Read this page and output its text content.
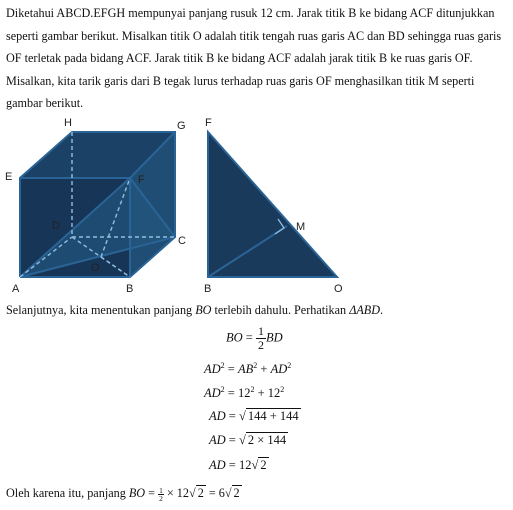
Diketahui ABCD.EFGH mempunyai panjang rusuk 12 cm. Jarak titik B ke bidang ACF ditunjukkan seperti gambar berikut. Misalkan titik O adalah titik tengah ruas garis AC dan BD sehingga ruas garis OF terletak pada bidang ACF. Jarak titik B ke bidang ACF adalah jarak titik B ke ruas garis OF. Misalkan, kita tarik garis dari B tegak lurus terhadap ruas garis OF menghasilkan titik M seperti gambar berikut.

H	G
E	F
D
C
O
A	B
F
M
B	O

Selanjutnya, kita menentukan panjang BO terlebih dahulu. Perhatikan ΔABD.

BO = $\frac{1}{2}$ BD
$AD^2 = AB^2 + AD^2$
$AD^2 = 12^2 + 12^2$
AD = √ 144 + 144
AD = √ 2 × 144
AD = 12√ 2
Oleh karena itu, panjang BO = $\frac{1}{2} \times 12√$ 2 = 6√ 2
